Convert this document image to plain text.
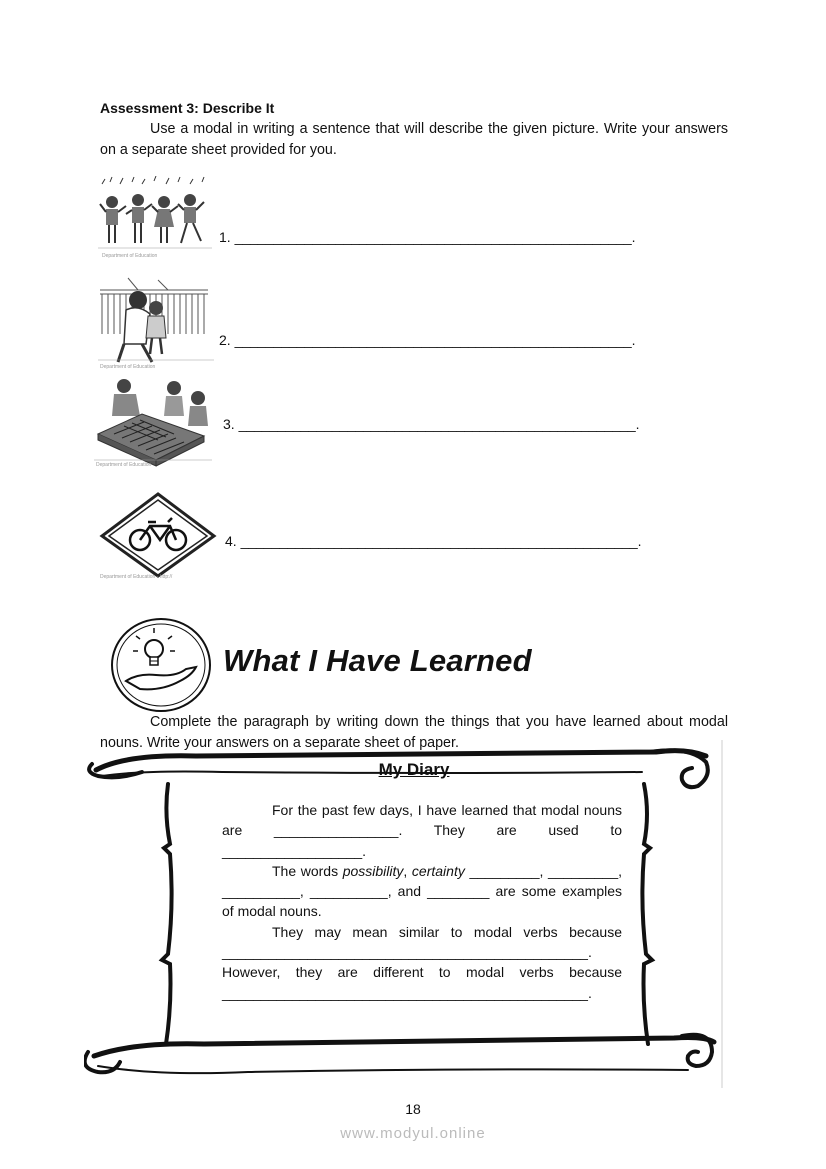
Assessment 3: Describe It
Use a modal in writing a sentence that will describe the given picture. Write your answers on a separate sheet provided for you.
Department of Education
1. ___________________________________________________.
Department of Education
2. ___________________________________________________.
Department of Education
3. ___________________________________________________.
Department of Education - http://
4. ___________________________________________________.
What I Have Learned
Complete the paragraph by writing down the things that you have learned about modal nouns. Write your answers on a separate sheet of paper.
My Diary

For the past few days, I have learned that modal nouns are ________________. They are used to __________________.

The words possibility, certainty _________, _________, __________, __________, and ________ are some examples of modal nouns.

They may mean similar to modal verbs because _______________________________________________. However, they are different to modal verbs because _______________________________________________.

18
www.modyul.online
